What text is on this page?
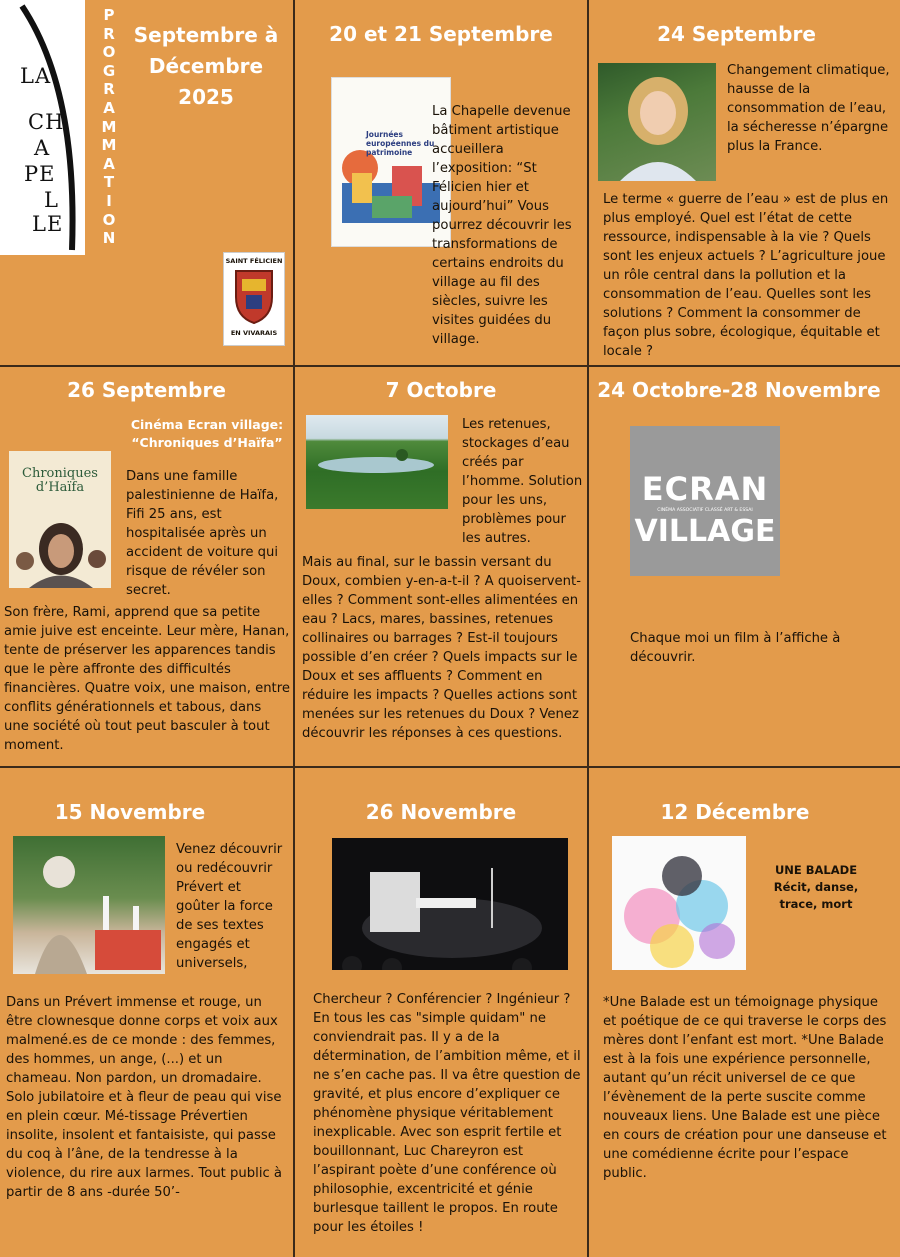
LA
CH
A
PE
L
LE
P
R
O
G
R
A
M
M
A
T
I
O
N
Septembre à
Décembre
2025
SAINT FÉLICIEN
EN VIVARAIS
20 et 21 Septembre
Journées européennes du patrimoine
La Chapelle devenue bâtiment artistique accueillera l’exposition: “St Félicien hier et aujourd’hui” Vous pourrez découvrir les transformations de certains endroits du village au fil des siècles, suivre les visites guidées du village.
24 Septembre
Changement climatique, hausse de la consommation de l’eau, la sécheresse n’épargne plus la France.
Le terme « guerre de l’eau » est de plus en plus employé. Quel est l’état de cette ressource, indispensable à la vie ? Quels sont les enjeux actuels ? L’agriculture joue un rôle central dans la pollution et la consommation de l’eau. Quelles sont les solutions ? Comment la consommer de façon plus sobre, écologique, équitable et locale ?
26 Septembre
Cinéma Ecran village:
“Chroniques d’Haïfa”
Chroniques d’Haïfa
Dans une famille palestinienne de Haïfa, Fifi 25 ans, est hospitalisée après un accident de voiture qui risque de révéler son secret.
Son frère, Rami, apprend que sa petite amie juive est enceinte. Leur mère, Hanan, tente de préserver les apparences tandis que le père affronte des difficultés financières. Quatre voix, une maison, entre conflits générationnels et tabous, dans une société où tout peut basculer à tout moment.
7 Octobre
Les retenues, stockages d’eau créés par l’homme. Solution pour les uns, problèmes pour les autres.
Mais au final, sur le bassin versant du Doux, combien y-en-a-t-il ? A quoiservent-elles ? Comment sont-elles alimentées en eau ? Lacs, mares, bassines, retenues collinaires ou barrages ? Est-il toujours possible d’en créer ? Quels impacts sur le Doux et ses affluents ? Comment en réduire les impacts ? Quelles actions sont menées sur les retenues du Doux ? Venez découvrir les réponses à ces questions.
24 Octobre-28 Novembre
ECRAN
CINÉMA ASSOCIATIF CLASSÉ ART & ESSAI
VILLAGE
Chaque moi un film à l’affiche à découvrir.
15 Novembre
Venez découvrir ou redécouvrir Prévert et goûter la force de ses textes engagés et universels,
Dans un Prévert immense et rouge, un être clownesque donne corps et voix aux malmené.es de ce monde : des femmes, des hommes, un ange, (...) et un chameau. Non pardon, un dromadaire. Solo jubilatoire et à fleur de peau qui vise en plein cœur. Mé-tissage Prévertien insolite, insolent et fantaisiste, qui passe du coq à l’âne, de la tendresse à la violence, du rire aux larmes. Tout public à partir de 8 ans -durée 50’-
26 Novembre
Chercheur ? Conférencier ? Ingénieur ? En tous les cas "simple quidam" ne conviendrait pas. Il y a de la détermination, de l’ambition même, et il ne s’en cache pas. Il va être question de gravité, et plus encore d’expliquer ce phénomène physique véritablement inexplicable. Avec son esprit fertile et bouillonnant, Luc Chareyron est l’aspirant poète d’une conférence où philosophie, excentricité et génie burlesque taillent le propos. En route pour les étoiles !
12 Décembre
UNE BALADE
Récit, danse, trace, mort
*Une Balade est un témoignage physique et poétique de ce qui traverse le corps des mères dont l’enfant est mort. *Une Balade est à la fois une expérience personnelle, autant qu’un récit universel de ce que l’évènement de la perte suscite comme nouveaux liens. Une Balade est une pièce en cours de création pour une danseuse et une comédienne écrite pour l’espace public.
